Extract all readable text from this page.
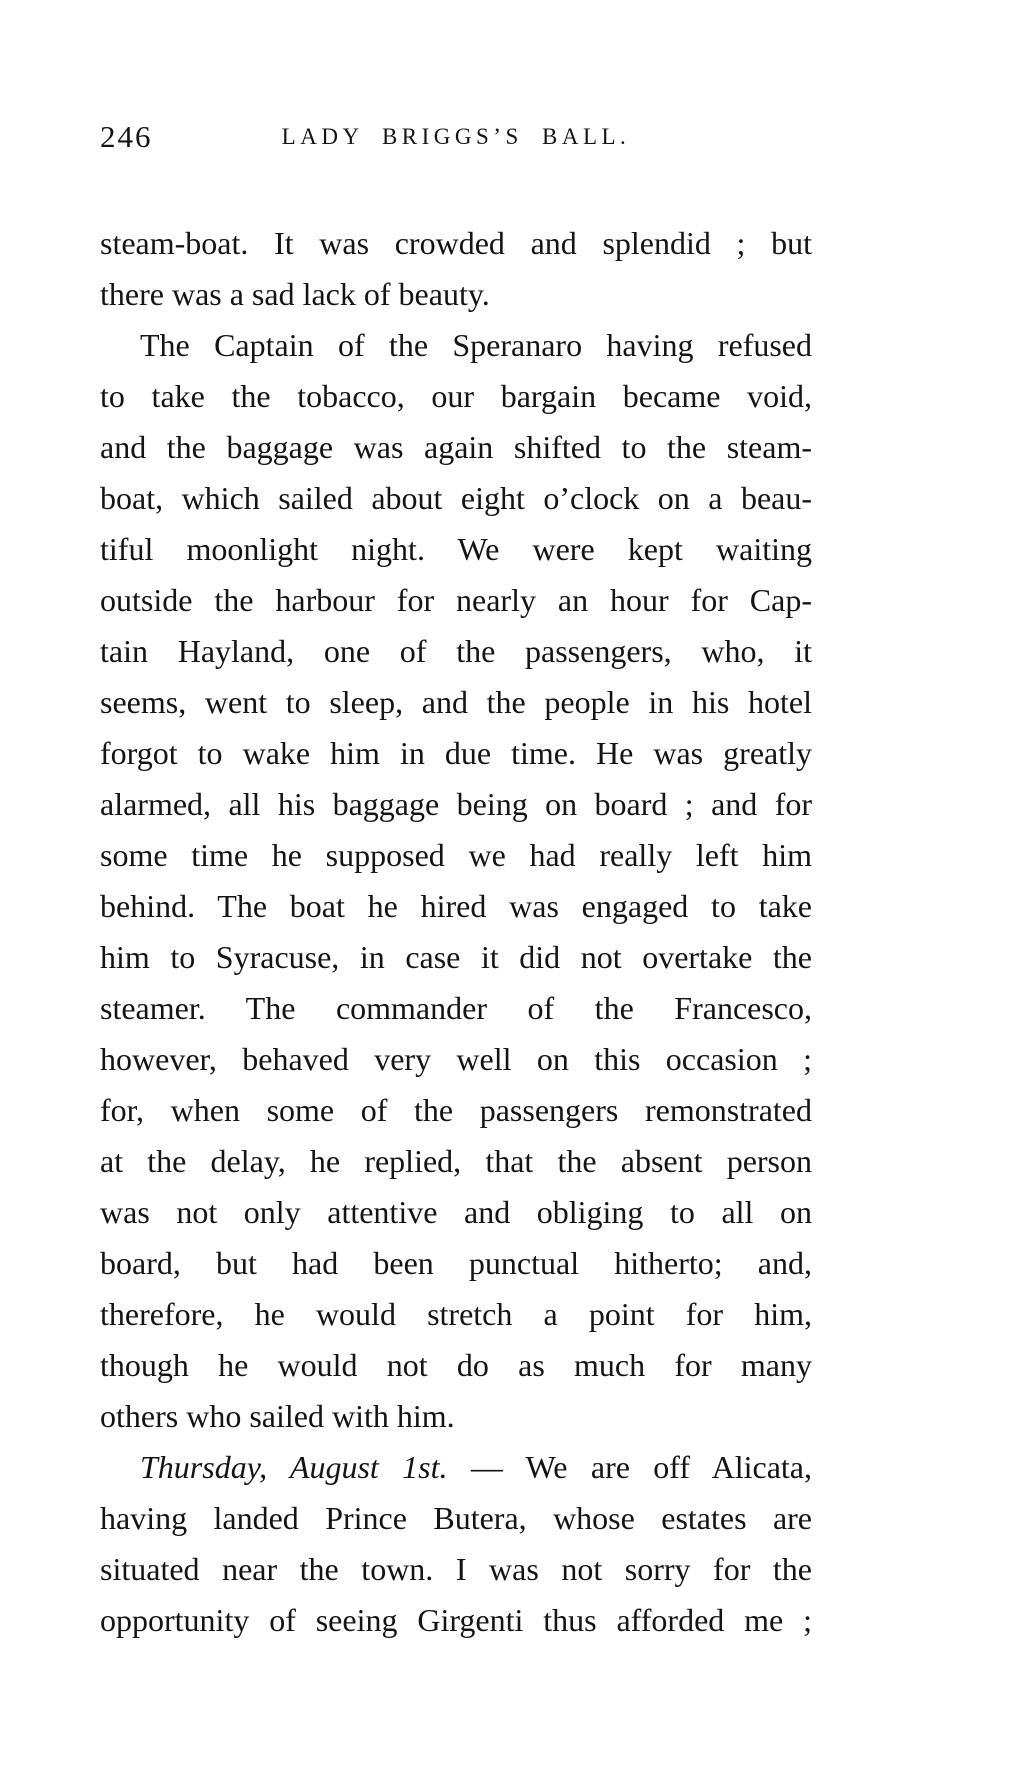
246	LADY BRIGGS’S BALL.
steam-boat. It was crowded and splendid ; but
there was a sad lack of beauty.
The Captain of the Speranaro having refused
to take the tobacco, our bargain became void,
and the baggage was again shifted to the steam-
boat, which sailed about eight o’clock on a beau-
tiful moonlight night. We were kept waiting
outside the harbour for nearly an hour for Cap-
tain Hayland, one of the passengers, who, it
seems, went to sleep, and the people in his hotel
forgot to wake him in due time. He was greatly
alarmed, all his baggage being on board ; and for
some time he supposed we had really left him
behind. The boat he hired was engaged to take
him to Syracuse, in case it did not overtake the
steamer. The commander of the Francesco,
however, behaved very well on this occasion ;
for, when some of the passengers remonstrated
at the delay, he replied, that the absent person
was not only attentive and obliging to all on
board, but had been punctual hitherto; and,
therefore, he would stretch a point for him,
though he would not do as much for many
others who sailed with him.
Thursday, August 1st. — We are off Alicata,
having landed Prince Butera, whose estates are
situated near the town. I was not sorry for the
opportunity of seeing Girgenti thus afforded me ;
